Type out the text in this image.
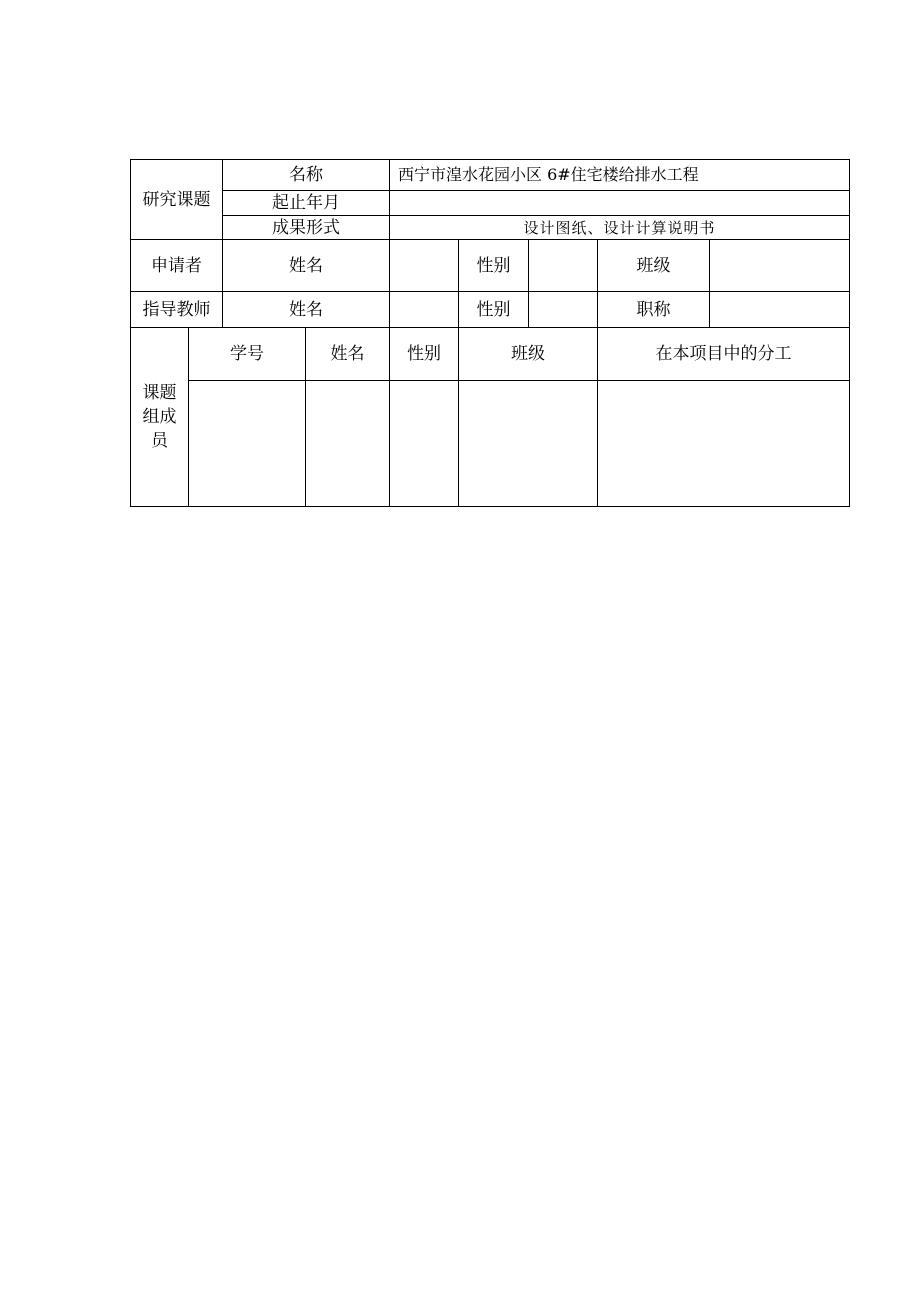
研究课题		名称		西宁市湟水花园小区 6#住宅楼给排水工程				
		起止年月						
		成果形式		设计图纸、设计计算说明书				
申请者		姓名			性别		班级	
指导教师		姓名			性别		职称	

课题组成员	学号		姓名	性别	班级		在本项目中的分工	
